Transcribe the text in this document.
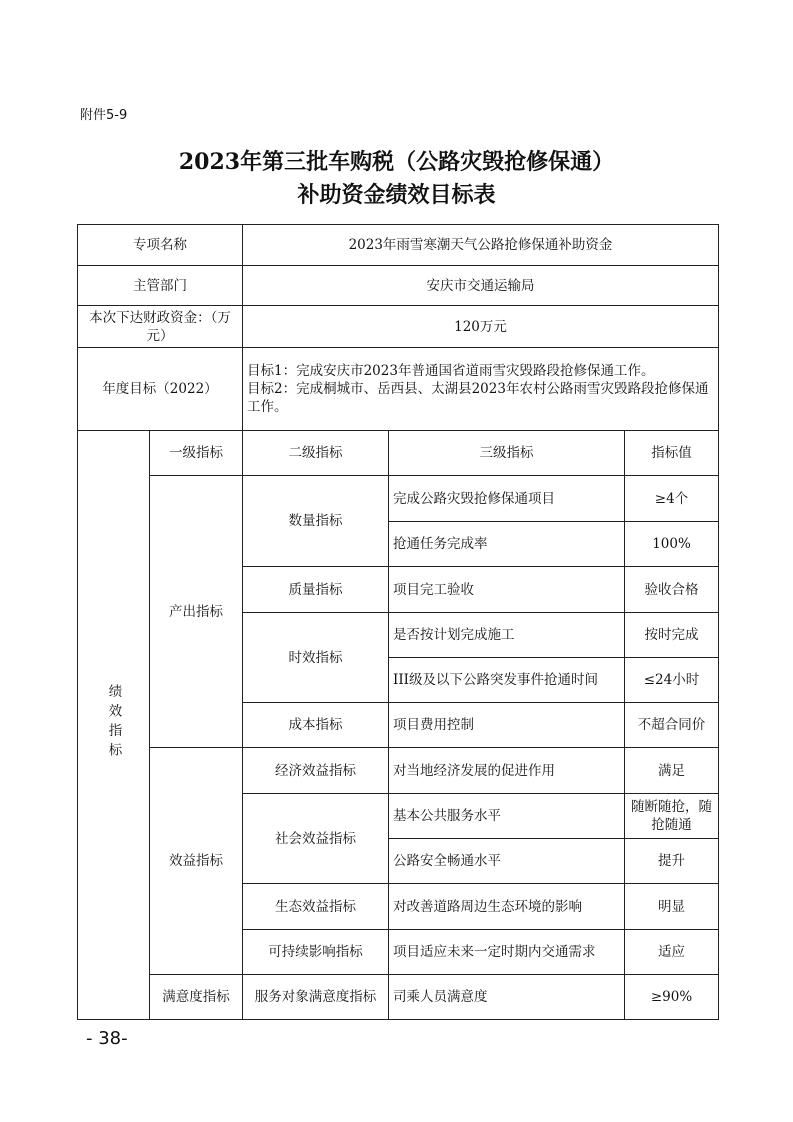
附件5-9
2023年第三批车购税（公路灾毁抢修保通）
补助资金绩效目标表
专项名称		2023年雨雪寒潮天气公路抢修保通补助资金		
主管部门		安庆市交通运输局		
本次下达财政资金：（万元）		120万元		
年度目标（2022）		目标1：完成安庆市2023年普通国省道雨雪灾毁路段抢修保通工作。
目标2：完成桐城市、岳西县、太湖县2023年农村公路雨雪灾毁路段抢修保通工作。		

绩效指标	一级指标	二级指标	三级指标	指标值
	产出指标	数量指标	完成公路灾毁抢修保通项目	≥4个
			抢通任务完成率	100%
		质量指标	项目完工验收	验收合格
		时效指标	是否按计划完成施工	按时完成
			III级及以下公路突发事件抢通时间	≤24小时
		成本指标	项目费用控制	不超合同价
	效益指标	经济效益指标	对当地经济发展的促进作用	满足
		社会效益指标	基本公共服务水平	随断随抢，随抢随通
			公路安全畅通水平	提升
		生态效益指标	对改善道路周边生态环境的影响	明显
		可持续影响指标	项目适应未来一定时期内交通需求	适应
	满意度指标	服务对象满意度指标	司乘人员满意度	≥90%
- 38-
